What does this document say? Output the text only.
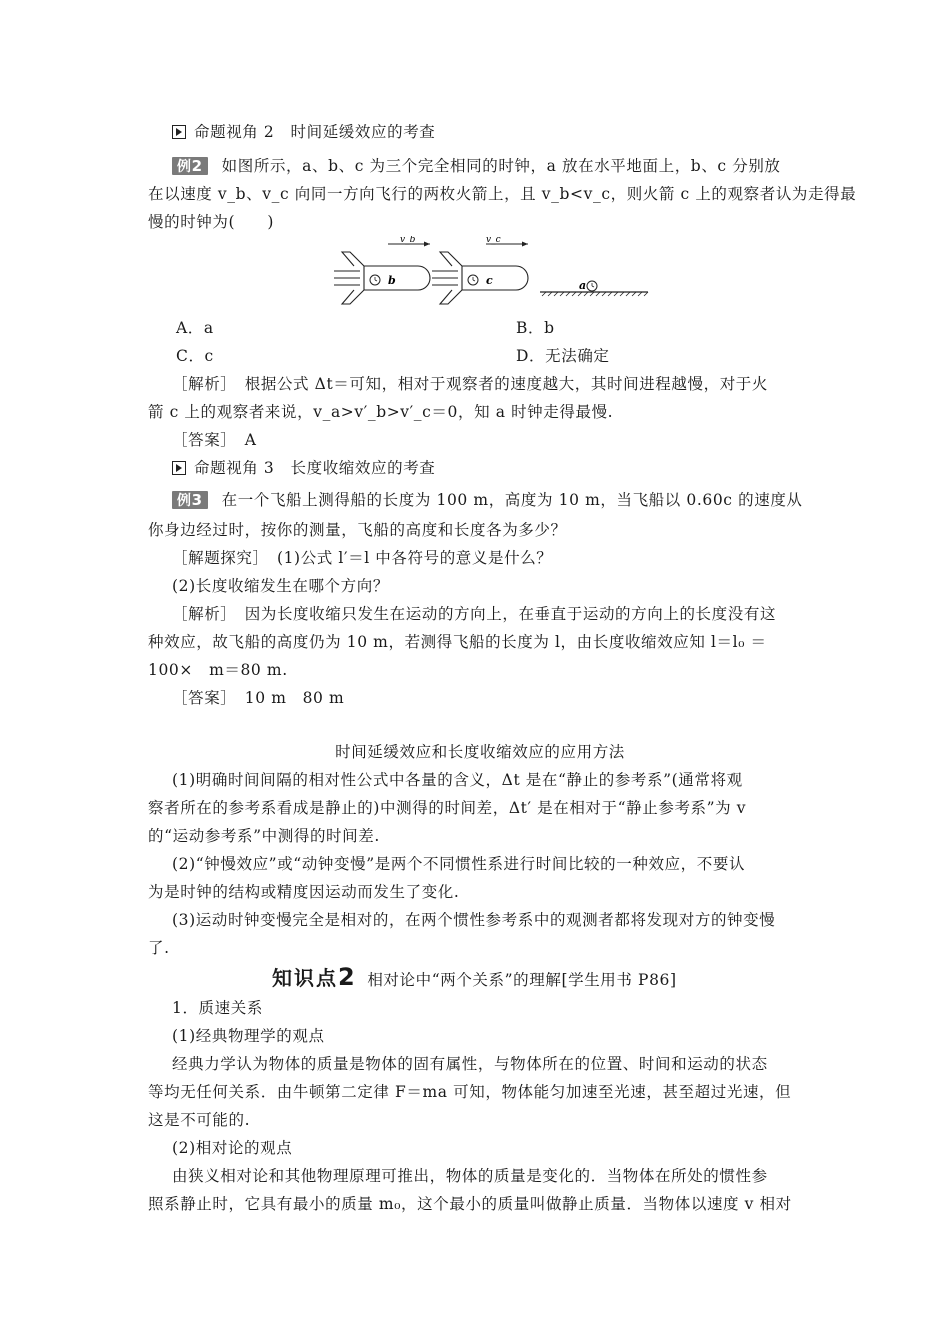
命题视角 2　时间延缓效应的考查
例2 如图所示，a、b、c 为三个完全相同的时钟，a 放在水平地面上，b、c 分别放
在以速度 v_b、v_c 向同一方向飞行的两枚火箭上，且 v_b<v_c，则火箭 c 上的观察者认为走得最
慢的时钟为(　　)
v_b
b
v_c
c	a
A．a	B．b
C．c	D．无法确定
［解析］　根据公式 Δt＝可知，相对于观察者的速度越大，其时间进程越慢，对于火
箭 c 上的观察者来说，v_a>v′_b>v′_c＝0，知 a 时钟走得最慢.
［答案］　A
命题视角 3　长度收缩效应的考查
例3 在一个飞船上测得船的长度为 100 m，高度为 10 m，当飞船以 0.60c 的速度从
你身边经过时，按你的测量，飞船的高度和长度各为多少？
［解题探究］　(1)公式 l′＝l 中各符号的意义是什么？
(2)长度收缩发生在哪个方向？
［解析］　因为长度收缩只发生在运动的方向上，在垂直于运动的方向上的长度没有这
种效应，故飞船的高度仍为 10 m，若测得飞船的长度为 l，由长度收缩效应知 l＝l₀ ＝
100×　m＝80 m.
［答案］　10 m　80 m
时间延缓效应和长度收缩效应的应用方法
(1)明确时间间隔的相对性公式中各量的含义，Δt 是在“静止的参考系”(通常将观
察者所在的参考系看成是静止的)中测得的时间差，Δt′ 是在相对于“静止参考系”为 v
的“运动参考系”中测得的时间差.
(2)“钟慢效应”或“动钟变慢”是两个不同惯性系进行时间比较的一种效应，不要认
为是时钟的结构或精度因运动而发生了变化.
(3)运动时钟变慢完全是相对的，在两个惯性参考系中的观测者都将发现对方的钟变慢
了.
知识点2 相对论中“两个关系”的理解[学生用书 P86]
1．质速关系
(1)经典物理学的观点
经典力学认为物体的质量是物体的固有属性，与物体所在的位置、时间和运动的状态
等均无任何关系．由牛顿第二定律 F＝ma 可知，物体能匀加速至光速，甚至超过光速，但
这是不可能的.
(2)相对论的观点
由狭义相对论和其他物理原理可推出，物体的质量是变化的．当物体在所处的惯性参
照系静止时，它具有最小的质量 m₀，这个最小的质量叫做静止质量．当物体以速度 v 相对
